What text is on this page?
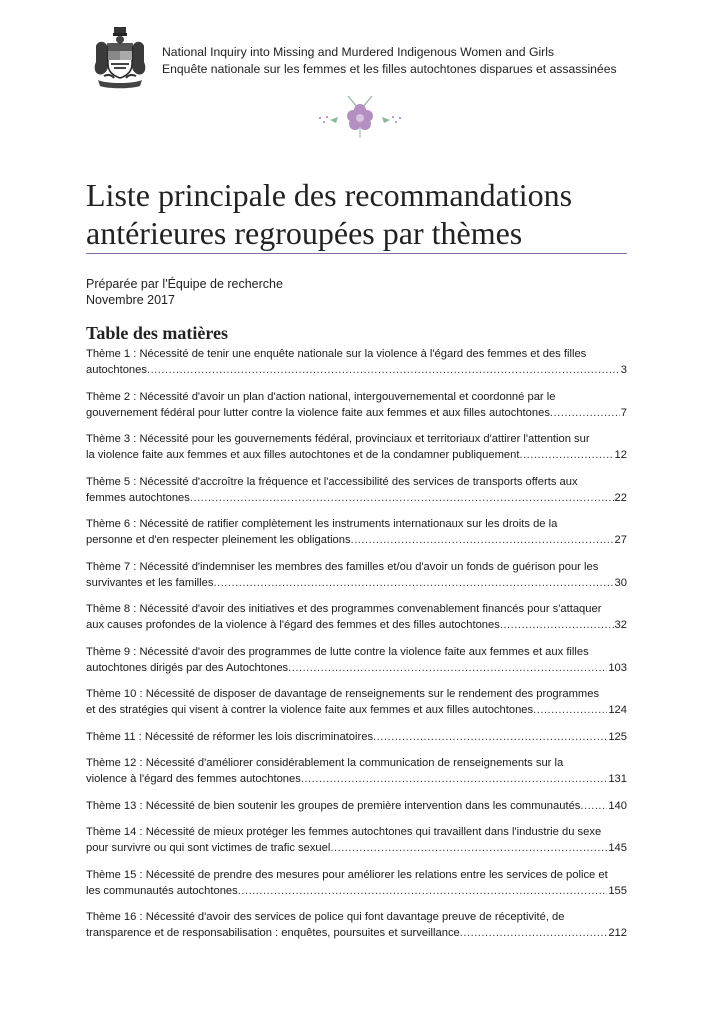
National Inquiry into Missing and Murdered Indigenous Women and Girls
Enquête nationale sur les femmes et les filles autochtones disparues et assassinées
Liste principale des recommandations
antérieures regroupées par thèmes
Préparée par l'Équipe de recherche
Novembre 2017
Table des matières
Thème 1 : Nécessité de tenir une enquête nationale sur la violence à l'égard des femmes et des filles
autochtones .....	3
Thème 2 : Nécessité d'avoir un plan d'action national, intergouvernemental et coordonné par le
gouvernement fédéral pour lutter contre la violence faite aux femmes et aux filles autochtones .....	7
Thème 3 : Nécessité pour les gouvernements fédéral, provinciaux et territoriaux d'attirer l'attention sur
la violence faite aux femmes et aux filles autochtones et de la condamner publiquement .....	12
Thème 5 : Nécessité d'accroître la fréquence et l'accessibilité des services de transports offerts aux
femmes autochtones .....	22
Thème 6 : Nécessité de ratifier complètement les instruments internationaux sur les droits de la
personne et d'en respecter pleinement les obligations .....	27
Thème 7 : Nécessité d'indemniser les membres des familles et/ou d'avoir un fonds de guérison pour les
survivantes et les familles .....	30
Thème 8 : Nécessité d'avoir des initiatives et des programmes convenablement financés pour s'attaquer
aux causes profondes de la violence à l'égard des femmes et des filles autochtones .....	32
Thème 9 : Nécessité d'avoir des programmes de lutte contre la violence faite aux femmes et aux filles
autochtones dirigés par des Autochtones .....	103
Thème 10 : Nécessité de disposer de davantage de renseignements sur le rendement des programmes
et des stratégies qui visent à contrer la violence faite aux femmes et aux filles autochtones .....	124
Thème 11 : Nécessité de réformer les lois discriminatoires .....	125
Thème 12 : Nécessité d'améliorer considérablement la communication de renseignements sur la
violence à l'égard des femmes autochtones .....	131
Thème 13 : Nécessité de bien soutenir les groupes de première intervention dans les communautés ..... 140
Thème 14 : Nécessité de mieux protéger les femmes autochtones qui travaillent dans l'industrie du sexe
pour survivre ou qui sont victimes de trafic sexuel .....	145
Thème 15 : Nécessité de prendre des mesures pour améliorer les relations entre les services de police et
les communautés autochtones .....	155
Thème 16 : Nécessité d'avoir des services de police qui font davantage preuve de réceptivité, de
transparence et de responsabilisation : enquêtes, poursuites et surveillance .....	212
